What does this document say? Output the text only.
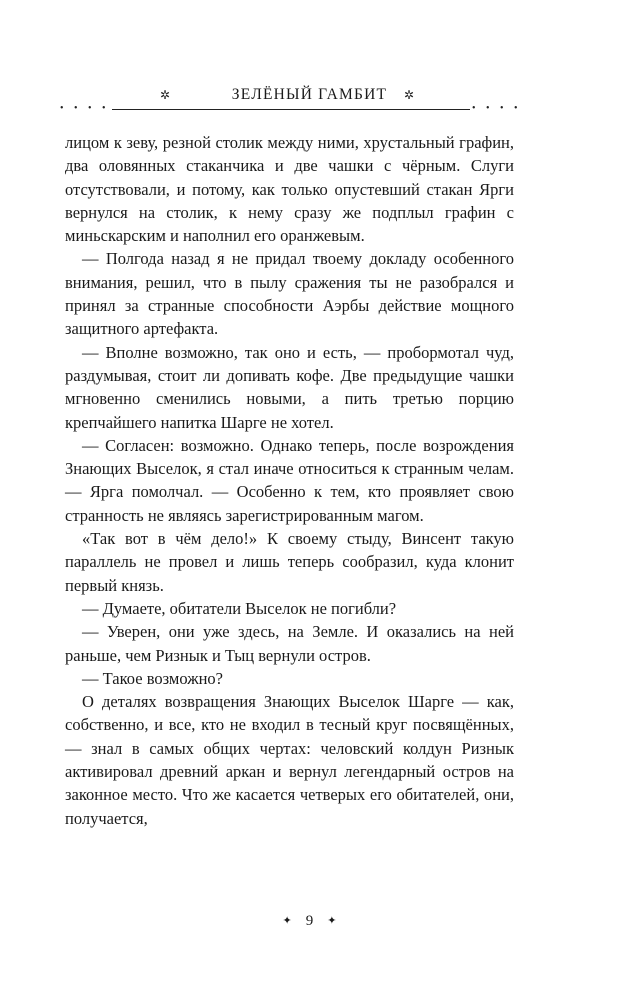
✲	ЗЕЛЁНЫЙ ГАМБИТ	✲
• • • •	• • • •

лицом к зеву, резной столик между ними, хрустальный графин, два оловянных стаканчика и две чашки с чёрным. Слуги отсутствовали, и потому, как только опустевший стакан Ярги вернулся на столик, к нему сразу же подплыл графин с миньскарским и наполнил его оранжевым.

— Полгода назад я не придал твоему докладу особенного внимания, решил, что в пылу сражения ты не разобрался и принял за странные способности Аэрбы действие мощного защитного артефакта.

— Вполне возможно, так оно и есть, — пробормотал чуд, раздумывая, стоит ли допивать кофе. Две предыдущие чашки мгновенно сменились новыми, а пить третью порцию крепчайшего напитка Шарге не хотел.

— Согласен: возможно. Однако теперь, после возрождения Знающих Выселок, я стал иначе относиться к странным челам. — Ярга помолчал. — Особенно к тем, кто проявляет свою странность не являясь зарегистрированным магом.

«Так вот в чём дело!» К своему стыду, Винсент такую параллель не провел и лишь теперь сообразил, куда клонит первый князь.

— Думаете, обитатели Выселок не погибли?

— Уверен, они уже здесь, на Земле. И оказались на ней раньше, чем Ризнык и Тыц вернули остров.

— Такое возможно?

О деталях возвращения Знающих Выселок Шарге — как, собственно, и все, кто не входил в тесный круг посвящённых, — знал в самых общих чертах: человский колдун Ризнык активировал древний аркан и вернул легендарный остров на законное место. Что же касается четверых его обитателей, они, получается,

✦ 9 ✦
